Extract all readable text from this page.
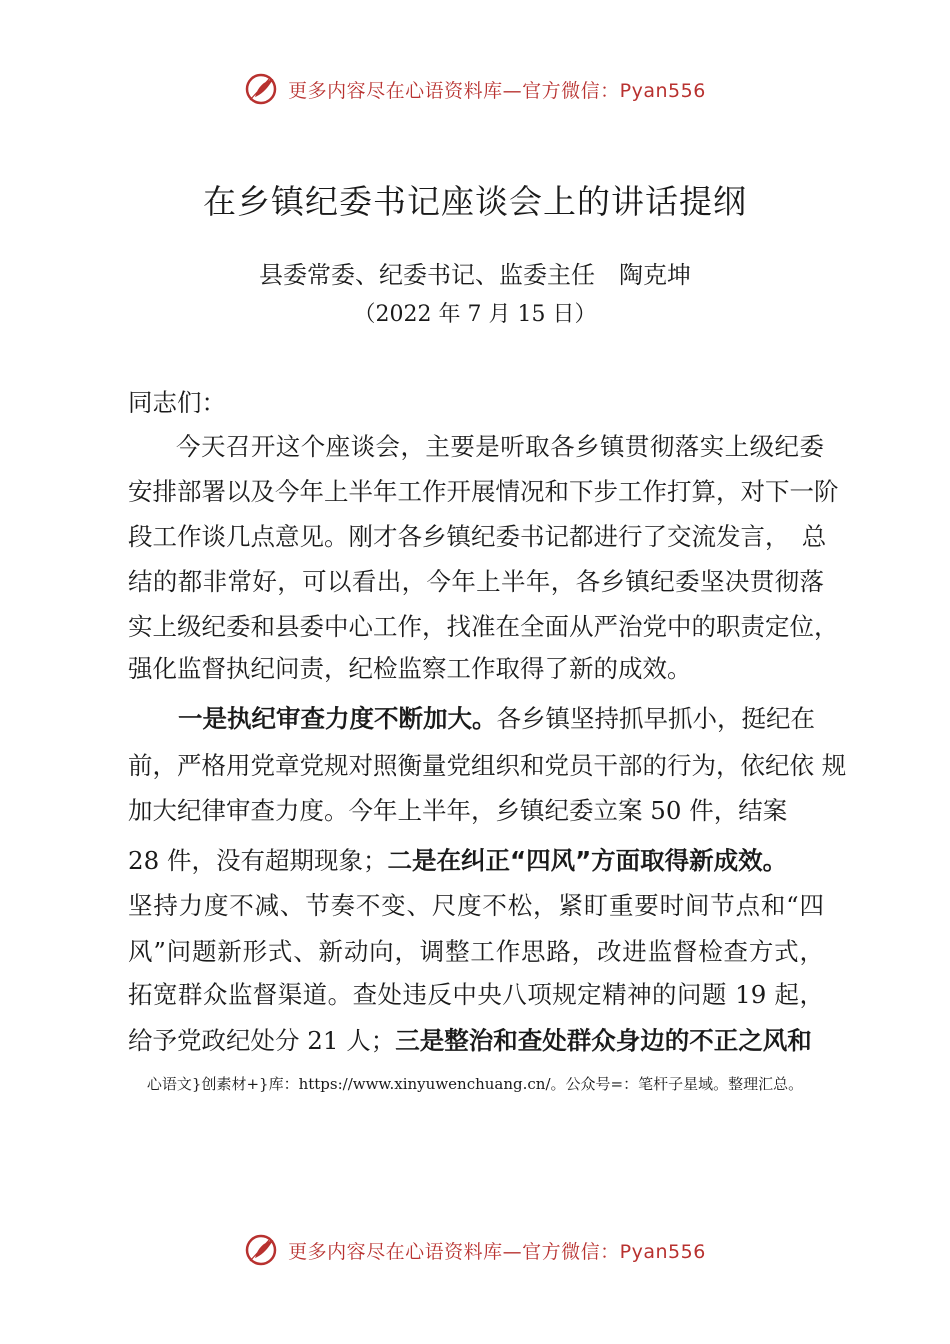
更多内容尽在心语资料库—官方微信：Pyan556
在乡镇纪委书记座谈会上的讲话提纲
县委常委、纪委书记、监委主任　陶克坤
（2022 年 7 月 15 日）
同志们：
今天召开这个座谈会，主要是听取各乡镇贯彻落实上级纪委
安排部署以及今年上半年工作开展情况和下步工作打算，对下一阶
段工作谈几点意见。刚才各乡镇纪委书记都进行了交流发言，　总
结的都非常好，可以看出，今年上半年，各乡镇纪委坚决贯彻落
实上级纪委和县委中心工作，找准在全面从严治党中的职责定位，
强化监督执纪问责，纪检监察工作取得了新的成效。
一是执纪审查力度不断加大。各乡镇坚持抓早抓小，挺纪在
前，严格用党章党规对照衡量党组织和党员干部的行为，依纪依 规
加大纪律审查力度。今年上半年，乡镇纪委立案 50 件，结案
28 件，没有超期现象；二是在纠正“四风”方面取得新成效。
坚持力度不减、节奏不变、尺度不松，紧盯重要时间节点和“四
风”问题新形式、新动向，调整工作思路，改进监督检查方式，
拓宽群众监督渠道。查处违反中央八项规定精神的问题 19 起，
给予党政纪处分 21 人；三是整治和查处群众身边的不正之风和
心语文}创素材+}库：https://www.xinyuwenchuang.cn/。公众号=：笔杆子星域。整理汇总。
更多内容尽在心语资料库—官方微信：Pyan556
